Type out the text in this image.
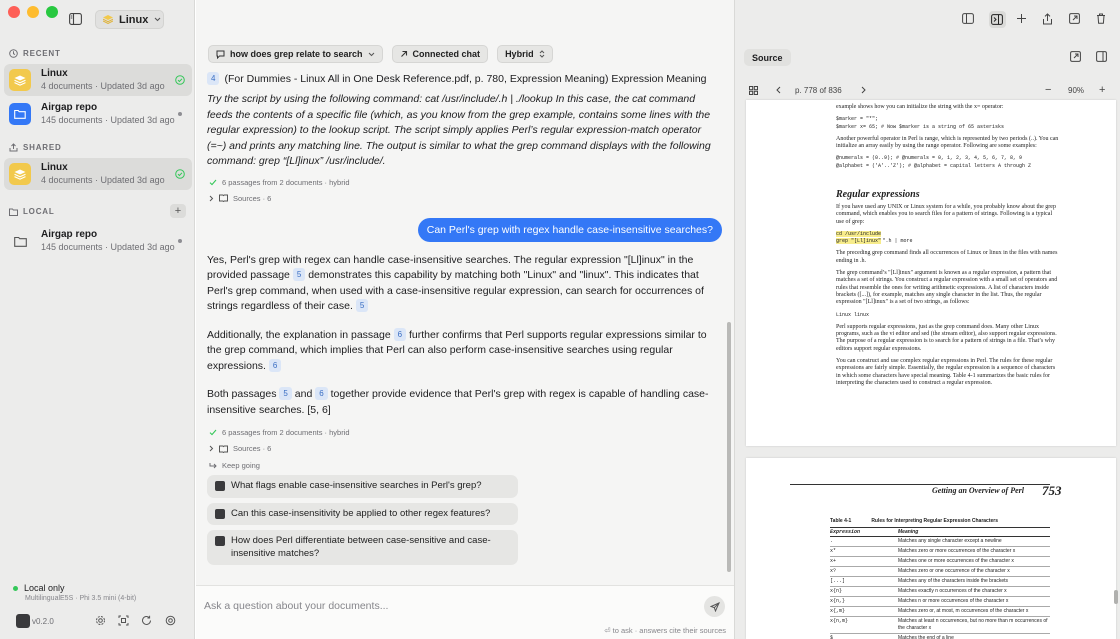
Linux
RECENT
Linux
4 documents · Updated 3d ago
Airgap repo
145 documents · Updated 3d ago
SHARED
Linux
4 documents · Updated 3d ago
LOCAL	+
Airgap repo
145 documents · Updated 3d ago
Local only
MultilingualE5S · Phi 3.5 mini (4-bit)
v0.2.0
how does grep relate to search	Connected chat	Hybrid
4 (For Dummies - Linux All in One Desk Reference.pdf, p. 780, Expression Meaning) Expression Meaning
Try the script by using the following command: cat /usr/include/.h | ./lookup In this case, the cat command feeds the contents of a specific file (which, as you know from the grep example, contains some lines with the regular expression) to the lookup script. The script simply applies Perl’s regular expression-match operator (=~) and prints any matching line. The output is similar to what the grep command displays with the following command: grep “[Ll]inux” /usr/include/.
6 passages from 2 documents · hybrid
Sources · 6
Can Perl's grep with regex handle case-insensitive searches?

Yes, Perl's grep with regex can handle case-insensitive searches. The regular expression "[Ll]inux" in the provided passage 5 demonstrates this capability by matching both "Linux" and "linux". This indicates that Perl's grep command, when used with a case-insensitive regular expression, can search for occurrences of strings regardless of their case. 5

Additionally, the explanation in passage 6 further confirms that Perl supports regular expressions similar to the grep command, which implies that Perl can also perform case-insensitive searches using regular expressions. 6

Both passages 5 and 6 together provide evidence that Perl's grep with regex is capable of handling case-insensitive searches. [5, 6]

6 passages from 2 documents · hybrid
Sources · 6
Keep going
What flags enable case-insensitive searches in Perl's grep?
Can this case-insensitivity be applied to other regex features?
How does Perl differentiate between case-sensitive and case-insensitive matches?
Ask a question about your documents...
⏎ to ask · answers cite their sources
Source
p. 778 of 836	− 90% +
example shows how you can initialize the string with the x= operator:
$marker = "*";
$marker x= 65; # Now $marker is a string of 65 asterisks
Another powerful operator in Perl is range, which is represented by two periods (..). You can initialize an array easily by using the range operator. Following are some examples:
@numerals = (0..9); # @numerals = 0, 1, 2, 3, 4, 5, 6, 7, 8, 9
@alphabet = ('A'..'Z'); # @alphabet = capital letters A through Z
Regular expressions
If you have used any UNIX or Linux system for a while, you probably know about the grep command, which enables you to search files for a pattern of strings. Following is a typical use of grep:
cd /usr/include
grep "[Ll]inux" *.h | more
The preceding grep command finds all occurrences of Linux or linux in the files with names ending in .h.
The grep command’s "[Ll]inux" argument is known as a regular expression, a pattern that matches a set of strings. You construct a regular expression with a small set of operators and rules that resemble the ones for writing arithmetic expressions. A list of characters inside brackets ([...]), for example, matches any single character in the list. Thus, the regular expression "[Ll]inux" is a set of two strings, as follows:
Linux linux
Perl supports regular expressions, just as the grep command does. Many other Linux programs, such as the vi editor and sed (the stream editor), also support regular expressions. The purpose of a regular expression is to search for a pattern of strings in a file. That’s why editors support regular expressions.
You can construct and use complex regular expressions in Perl. The rules for these regular expressions are fairly simple. Essentially, the regular expression is a sequence of characters in which some characters have special meaning. Table 4-1 summarizes the basic rules for interpreting the characters used to construct a regular expression.
Getting an Overview of Perl 753
Table 4-1	Rules for Interpreting Regular Expression Characters
Expression	Meaning
.	Matches any single character except a newline
x*	Matches zero or more occurrences of the character x
x+	Matches one or more occurrences of the character x
x?	Matches zero or one occurrence of the character x
[...]	Matches any of the characters inside the brackets
x{n}	Matches exactly n occurrences of the character x
x{n,}	Matches n or more occurrences of the character x
x{,m}	Matches zero or, at most, m occurrences of the character x
x{n,m}	Matches at least n occurrences, but no more than m occurrences of the character x
$	Matches the end of a line
